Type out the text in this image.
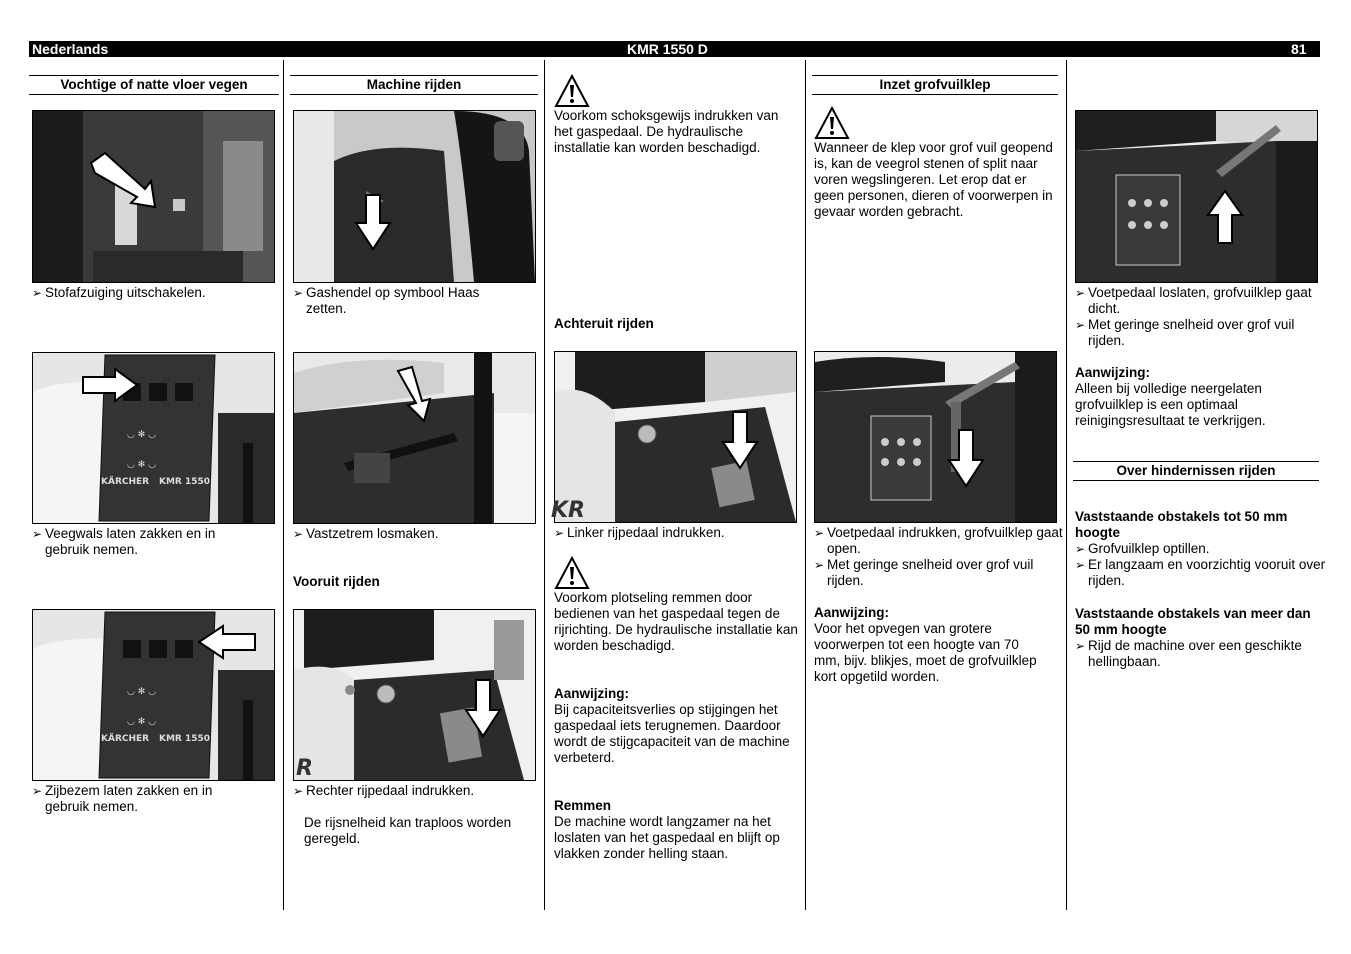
Nederlands	KMR 1550 D	81
Vochtige of natte vloer vegen
➢ Stofafzuiging uitschakelen.
◡ ✻ ◡
◡ ✻ ◡
KÄRCHER KMR 1550
➢ Veegwals laten zakken en in gebruik nemen.
◡ ✻ ◡
◡ ✻ ◡
KÄRCHER KMR 1550
➢ Zijbezem laten zakken en in gebruik nemen.
Machine rijden
➢ Gashendel op symbool Haas zetten.
➢ Vastzetrem losmaken.
Vooruit rijden
R
➢ Rechter rijpedaal indrukken.
De rijsnelheid kan traploos worden geregeld.
Voorkom schoksgewijs indrukken van het gaspedaal. De hydraulische installatie kan worden beschadigd.
Achteruit rijden
KR
➢ Linker rijpedaal indrukken.
Voorkom plotseling remmen door bedienen van het gaspedaal tegen de rijrichting. De hydraulische installatie kan worden beschadigd.
Aanwijzing:
Bij capaciteitsverlies op stijgingen het gaspedaal iets terugnemen. Daardoor wordt de stijgcapaciteit van de machine verbeterd.
Remmen
De machine wordt langzamer na het loslaten van het gaspedaal en blijft op vlakken zonder helling staan.
Inzet grofvuilklep
Wanneer de klep voor grof vuil geopend is, kan de veegrol stenen of split naar voren wegslingeren. Let erop dat er geen personen, dieren of voorwerpen in gevaar worden gebracht.
➢ Voetpedaal indrukken, grofvuilklep gaat open.
➢ Met geringe snelheid over grof vuil rijden.
Aanwijzing:
Voor het opvegen van grotere voorwerpen tot een hoogte van 70 mm, bijv. blikjes, moet de grofvuilklep kort opgetild worden.
➢ Voetpedaal loslaten, grofvuilklep gaat dicht.
➢ Met geringe snelheid over grof vuil rijden.
Aanwijzing:
Alleen bij volledige neergelaten grofvuilklep is een optimaal reinigingsresultaat te verkrijgen.
Over hindernissen rijden
Vaststaande obstakels tot 50 mm hoogte
➢ Grofvuilklep optillen.
➢ Er langzaam en voorzichtig vooruit over rijden.
Vaststaande obstakels van meer dan 50 mm hoogte
➢ Rijd de machine over een geschikte hellingbaan.
